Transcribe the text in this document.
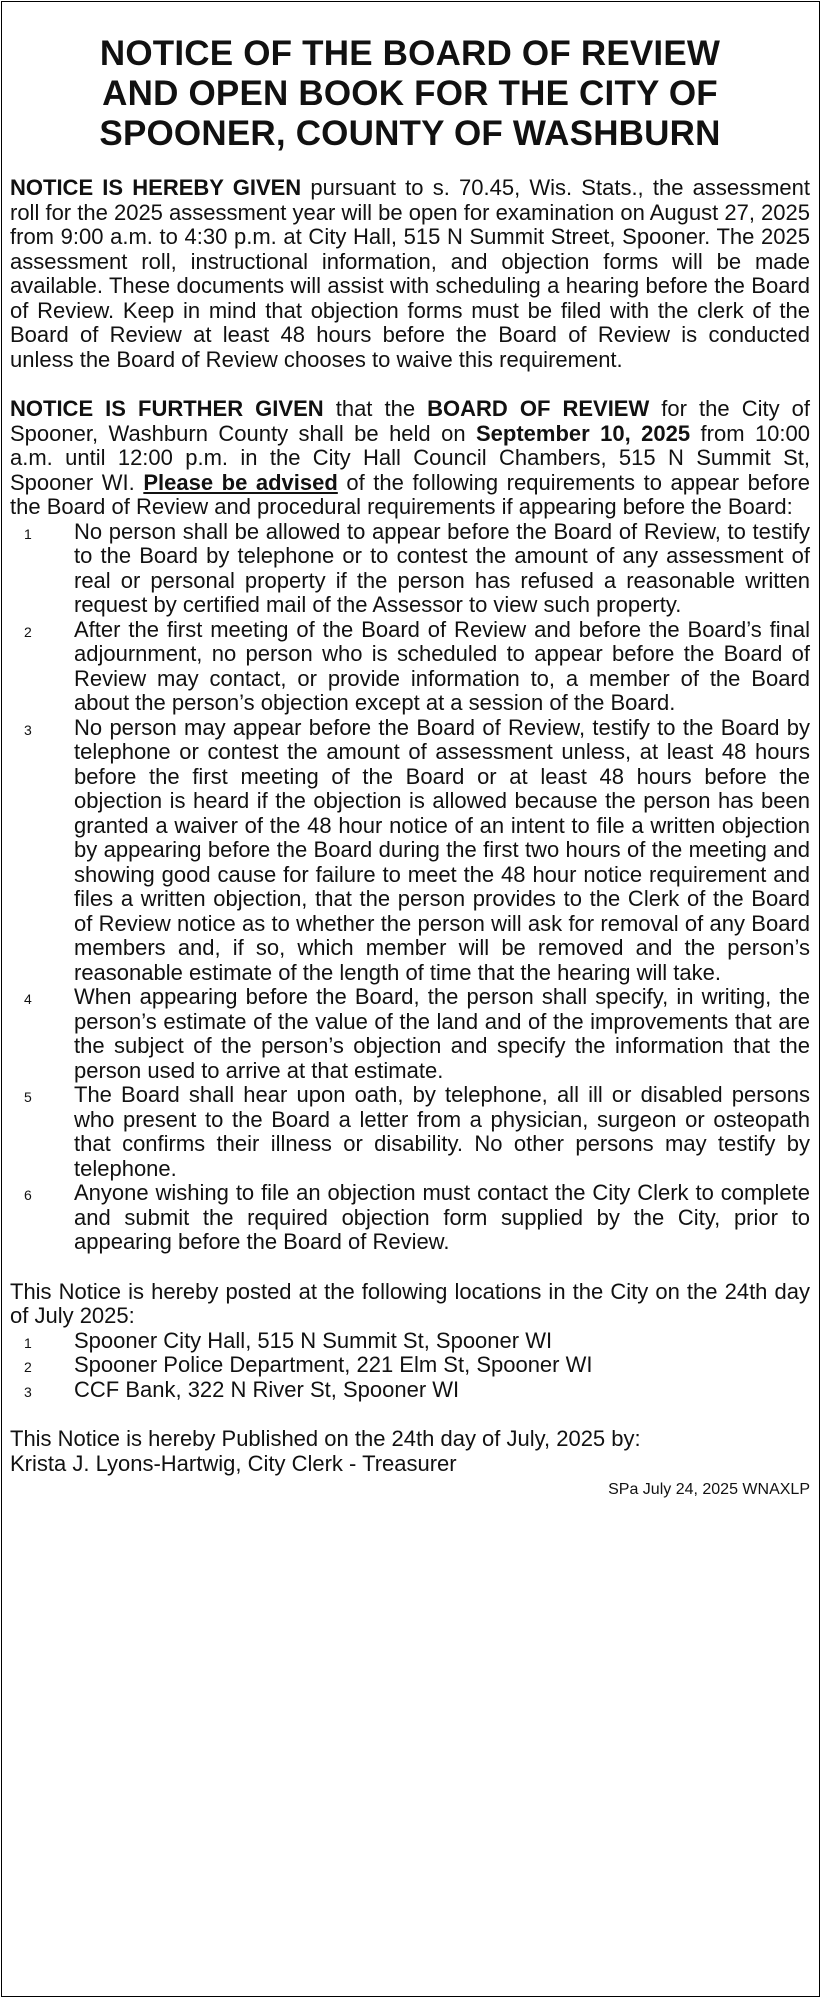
NOTICE OF THE BOARD OF REVIEW
AND OPEN BOOK FOR THE CITY OF
SPOONER, COUNTY OF WASHBURN

NOTICE IS HEREBY GIVEN pursuant to s. 70.45, Wis. Stats., the assessment roll for the 2025 assessment year will be open for examination on August 27, 2025 from 9:00 a.m. to 4:30 p.m. at City Hall, 515 N Summit Street, Spooner. The 2025 assessment roll, instructional information, and objection forms will be made available. These documents will assist with scheduling a hearing before the Board of Review. Keep in mind that objection forms must be filed with the clerk of the Board of Review at least 48 hours before the Board of Review is conducted unless the Board of Review chooses to waive this requirement.

NOTICE IS FURTHER GIVEN that the BOARD OF REVIEW for the City of Spooner, Washburn County shall be held on September 10, 2025 from 10:00 a.m. until 12:00 p.m. in the City Hall Council Chambers, 515 N Summit St, Spooner WI. Please be advised of the following requirements to appear before the Board of Review and procedural requirements if appearing before the Board:

1 No person shall be allowed to appear before the Board of Review, to testify to the Board by telephone or to contest the amount of any assessment of real or personal property if the person has refused a reasonable written request by certified mail of the Assessor to view such property.
2 After the first meeting of the Board of Review and before the Board’s final adjournment, no person who is scheduled to appear before the Board of Review may contact, or provide information to, a member of the Board about the person’s objection except at a session of the Board.
3 No person may appear before the Board of Review, testify to the Board by telephone or contest the amount of assessment unless, at least 48 hours before the first meeting of the Board or at least 48 hours before the objection is heard if the objection is allowed because the person has been granted a waiver of the 48 hour notice of an intent to file a written objection by appearing before the Board during the first two hours of the meeting and showing good cause for failure to meet the 48 hour notice requirement and files a written objection, that the person provides to the Clerk of the Board of Review notice as to whether the person will ask for removal of any Board members and, if so, which member will be removed and the person’s reasonable estimate of the length of time that the hearing will take.
4 When appearing before the Board, the person shall specify, in writing, the person’s estimate of the value of the land and of the improvements that are the subject of the person’s objection and specify the information that the person used to arrive at that estimate.
5 The Board shall hear upon oath, by telephone, all ill or disabled persons who present to the Board a letter from a physician, surgeon or osteopath that confirms their illness or disability. No other persons may testify by telephone.
6 Anyone wishing to file an objection must contact the City Clerk to complete and submit the required objection form supplied by the City, prior to appearing before the Board of Review.

This Notice is hereby posted at the following locations in the City on the 24th day of July 2025:

1 Spooner City Hall, 515 N Summit St, Spooner WI
2 Spooner Police Department, 221 Elm St, Spooner WI
3 CCF Bank, 322 N River St, Spooner WI

This Notice is hereby Published on the 24th day of July, 2025 by:

Krista J. Lyons-Hartwig, City Clerk - Treasurer

SPa July 24, 2025 WNAXLP
